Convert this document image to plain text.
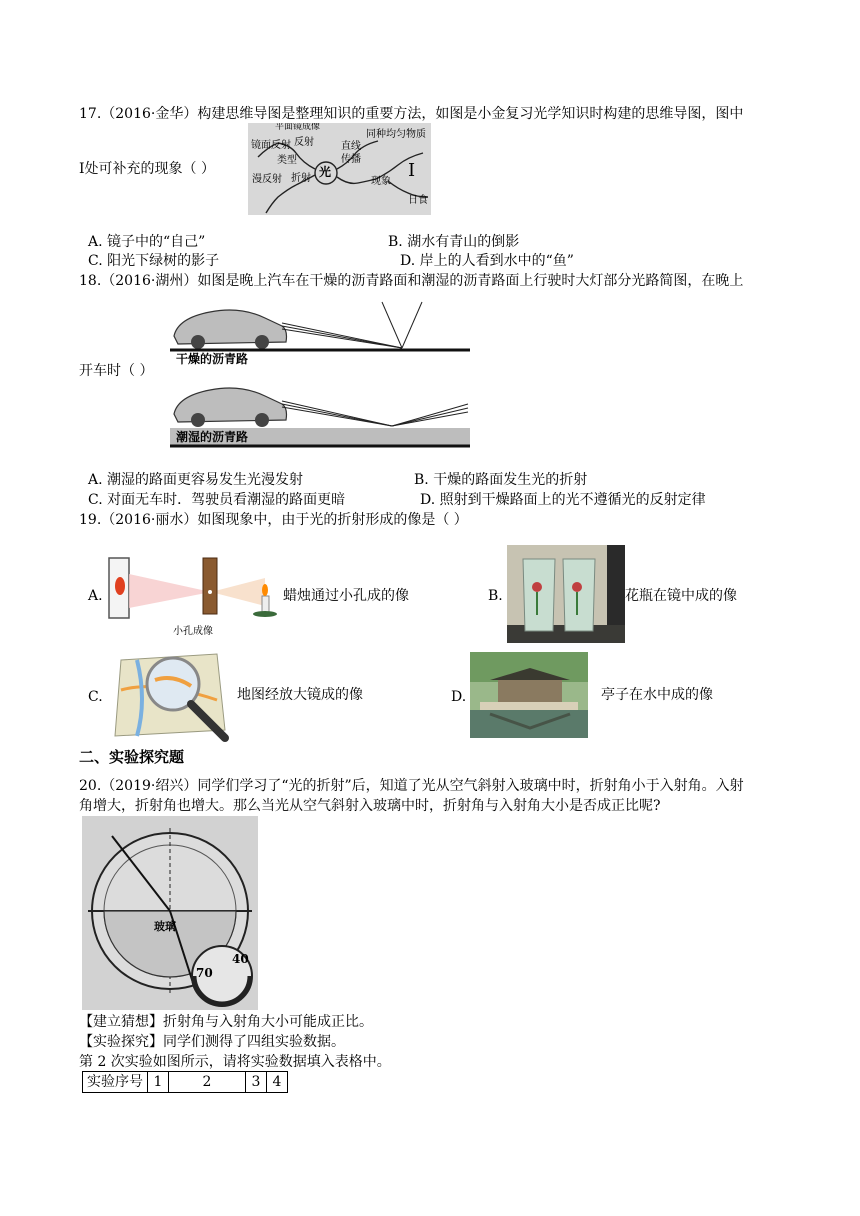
17.（2016·金华）构建思维导图是整理知识的重要方法，如图是小金复习光学知识时构建的思维导图，图中
Ⅰ处可补充的现象（ ）
平面镜成像
镜面反射 反射
类型
漫反射 折射 光
直线
传播
同种均匀物质
现象
Ⅰ
日食
A. 镜子中的“自己”	B. 湖水有青山的倒影
C. 阳光下绿树的影子	D. 岸上的人看到水中的“鱼”
18.（2016·湖州）如图是晚上汽车在干燥的沥青路面和潮湿的沥青路面上行驶时大灯部分光路简图，在晚上
开车时（ ）
干燥的沥青路
潮湿的沥青路
A. 潮湿的路面更容易发生光漫发射	B. 干燥的路面发生光的折射
C. 对面无车时．驾驶员看潮湿的路面更暗	D. 照射到干燥路面上的光不遵循光的反射定律
19.（2016·丽水）如图现象中，由于光的折射形成的像是（ ）
A.
小孔成像
蜡烛通过小孔成的像	B.	花瓶在镜中成的像
C.	地图经放大镜成的像	D.	亭子在水中成的像
二、实验探究题
20.（2019·绍兴）同学们学习了“光的折射”后，知道了光从空气斜射入玻璃中时，折射角小于入射角。入射
角增大，折射角也增大。那么当光从空气斜射入玻璃中时，折射角与入射角大小是否成正比呢?
玻璃
70
40
【建立猜想】折射角与入射角大小可能成正比。
【实验探究】同学们测得了四组实验数据。
第 2 次实验如图所示，请将实验数据填入表格中。
实验序号	1	2	3	4
